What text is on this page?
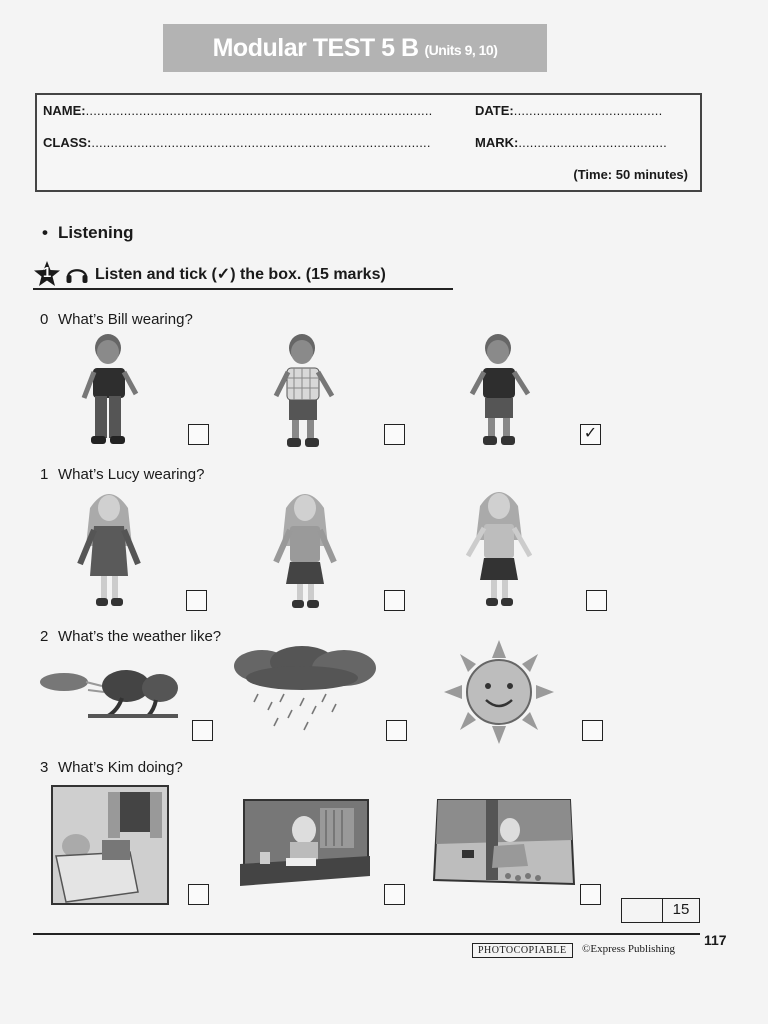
Modular TEST 5 B (Units 9, 10)
NAME:...........................................................................................	DATE:.......................................
CLASS:.........................................................................................	MARK:.......................................
(Time: 50 minutes)
• Listening
1	Listen and tick (✓) the box. (15 marks)
0 What’s Bill wearing?
✓
1 What’s Lucy wearing?
2 What’s the weather like?
3 What’s Kim doing?
15
117
PHOTOCOPIABLE	©Express Publishing
